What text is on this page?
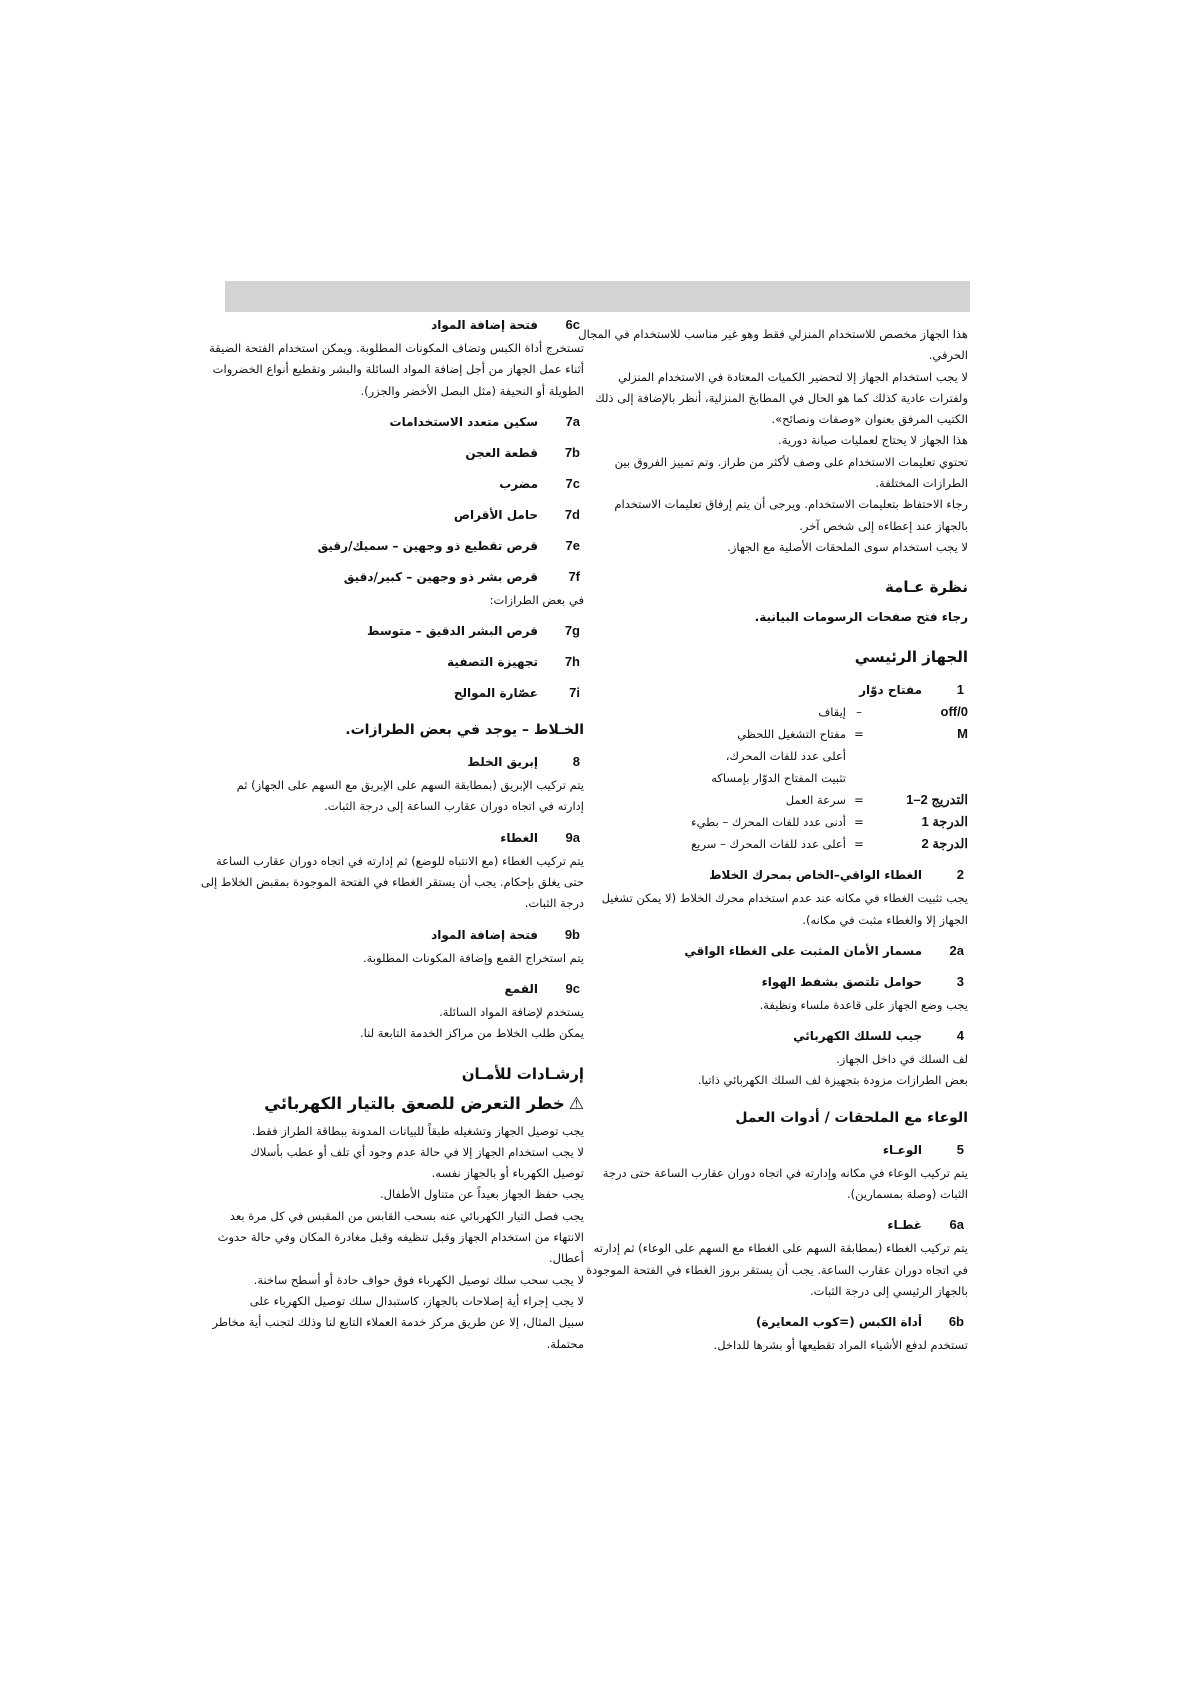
هذا الجهاز مخصص للاستخدام المنزلي فقط وهو غير مناسب للاستخدام في المجال
الحرفي.
لا يجب استخدام الجهاز إلا لتحضير الكميات المعتادة في الاستخدام المنزلي
ولفترات عادية كذلك كما هو الحال في المطابخ المنزلية، أنظر بالإضافة إلى ذلك
الكتيب المرفق بعنوان «وصفات ونصائح».
هذا الجهاز لا يحتاج لعمليات صيانة دورية.
تحتوي تعليمات الاستخدام على وصف لأكثر من طراز. وتم تمييز الفروق بين
الطرازات المختلفة.
رجاء الاحتفاظ بتعليمات الاستخدام. ويرجى أن يتم إرفاق تعليمات الاستخدام
بالجهاز عند إعطاءه إلى شخص آخر.
لا يجب استخدام سوى الملحقات الأصلية مع الجهاز.
نظرة عـامة
رجاء فتح صفحات الرسومات البيانية.
الجهاز الرئيسي
1
مفتاح دوّار
0/off
–
إيقاف
M
=
مفتاح التشغيل اللحظي
أعلى عدد للفات المحرك،
تثبيت المفتاح الدوّار بإمساكه
التدريج 2–1
=
سرعة العمل
الدرجة 1
=
أدنى عدد للفات المحرك – بطيء
الدرجة 2
=
أعلى عدد للفات المحرك – سريع
2
الغطاء الواقي–الخاص بمحرك الخلاط
يجب تثبيت الغطاء في مكانه عند عدم استخدام محرك الخلاط (لا يمكن تشغيل
الجهاز إلا والغطاء مثبت في مكانه).
2a
مسمار الأمان المثبت على الغطاء الواقي
3
حوامل تلتصق بشفط الهواء
يجب وضع الجهاز على قاعدة ملساء ونظيفة.
4
جيب للسلك الكهربائي
لف السلك في داخل الجهاز.
بعض الطرازات مزودة بتجهيزة لف السلك الكهربائي ذاتيا.
الوعاء مع الملحقات / أدوات العمل
5
الوعـاء
يتم تركيب الوعاء في مكانه وإدارته في اتجاه دوران عقارب الساعة حتى درجة
الثبات (وصلة بمسمارين).
6a
غطـاء
يتم تركيب الغطاء (بمطابقة السهم على الغطاء مع السهم على الوعاء) ثم إدارته
في اتجاه دوران عقارب الساعة. يجب أن يستقر بروز الغطاء في الفتحة الموجودة
بالجهاز الرئيسي إلى درجة الثبات.
6b
أداة الكبس (=كوب المعايرة)
تستخدم لدفع الأشياء المراد تقطيعها أو بشرها للداخل.
6c
فتحة إضافة المواد
تستخرج أداة الكبس وتضاف المكونات المطلوبة. ويمكن استخدام الفتحة الضيقة
أثناء عمل الجهاز من أجل إضافة المواد السائلة والبشر وتقطيع أنواع الخضروات
الطويلة أو النحيفة (مثل البصل الأخضر والجزر).
7a
سكين متعدد الاستخدامات
7b
قطعة العجن
7c
مضرب
7d
حامل الأقراص
7e
قرص تقطيع ذو وجهين – سميك/رقيق
7f
قرص بشر ذو وجهين – كبير/دقيق
في بعض الطرازات:
7g
قرص البشر الدقيق – متوسط
7h
تجهيزة التصفية
7i
عصّارة الموالح
الخـلاط – يوجد في بعض الطرازات.
8
إبريق الخلط
يتم تركيب الإبريق (بمطابقة السهم على الإبريق مع السهم على الجهاز) ثم
إدارته في اتجاه دوران عقارب الساعة إلى درجة الثبات.
9a
الغطاء
يتم تركيب الغطاء (مع الانتباه للوضع) ثم إدارته في اتجاه دوران عقارب الساعة
حتى يغلق بإحكام. يجب أن يستقر الغطاء في الفتحة الموجودة بمقبض الخلاط إلى
درجة الثبات.
9b
فتحة إضافة المواد
يتم استخراج القمع وإضافة المكونات المطلوبة.
9c
القمع
يستخدم لإضافة المواد السائلة.
يمكن طلب الخلاط من مراكز الخدمة التابعة لنا.
إرشـادات للأمـان
⚠خطر التعرض للصعق بالتيار الكهربائي
يجب توصيل الجهاز وتشغيله طبقاً للبيانات المدونة ببطاقة الطراز فقط.
لا يجب استخدام الجهاز إلا في حالة عدم وجود أي تلف أو عطب بأسلاك
توصيل الكهرباء أو بالجهاز نفسه.
يجب حفظ الجهاز بعيداً عن متناول الأطفال.
يجب فصل التيار الكهربائي عنه بسحب القابس من المقبس في كل مرة بعد
الانتهاء من استخدام الجهاز وقبل تنظيفه وقبل مغادرة المكان وفي حالة حدوث
أعطال.
لا يجب سحب سلك توصيل الكهرباء فوق حواف حادة أو أسطح ساخنة.
لا يجب إجراء أية إصلاحات بالجهاز، كاستبدال سلك توصيل الكهرباء على
سبيل المثال، إلا عن طريق مركز خدمة العملاء التابع لنا وذلك لتجنب أية مخاطر
محتملة.
